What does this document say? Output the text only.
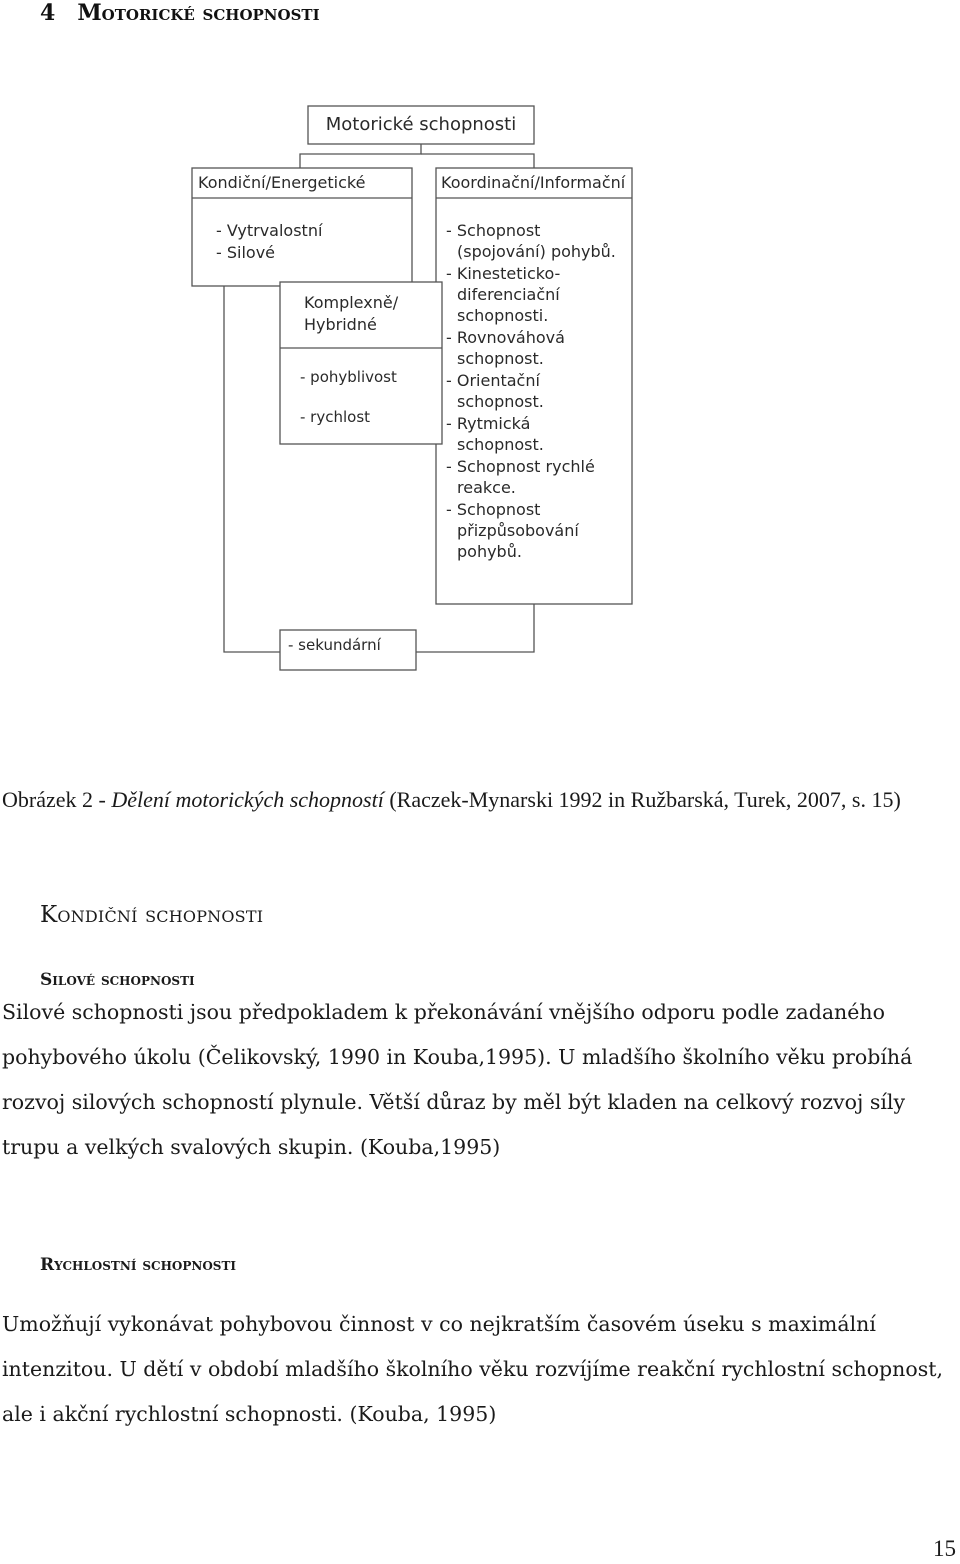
4 Motorické schopnosti
Motorické schopnosti
Kondiční/Energetické
- Vytrvalostní
- Silové
Koordinační/Informační
- Schopnost
(spojování) pohybů.
- Kinesteticko-
diferenciační
schopnosti.
- Rovnováhová
schopnost.
- Orientační
schopnost.
- Rytmická
schopnost.
- Schopnost rychlé
reakce.
- Schopnost
přizpůsobování
pohybů.
Komplexně/
Hybridné
- pohyblivost
- rychlost
- sekundární
Obrázek 2 - Dělení motorických schopností (Raczek-Mynarski 1992 in Ružbarská, Turek, 2007, s. 15)
Kondiční schopnosti
Silové schopnosti

Silové schopnosti jsou předpokladem k překonávání vnějšího odporu podle zadaného pohybového úkolu (Čelikovský, 1990 in Kouba,1995). U mladšího školního věku probíhá rozvoj silových schopností plynule. Větší důraz by měl být kladen na celkový rozvoj síly trupu a velkých svalových skupin. (Kouba,1995)

Rychlostní schopnosti

Umožňují vykonávat pohybovou činnost v co nejkratším časovém úseku s maximální intenzitou. U dětí v období mladšího školního věku rozvíjíme reakční rychlostní schopnost, ale i akční rychlostní schopnosti. (Kouba, 1995)

15
